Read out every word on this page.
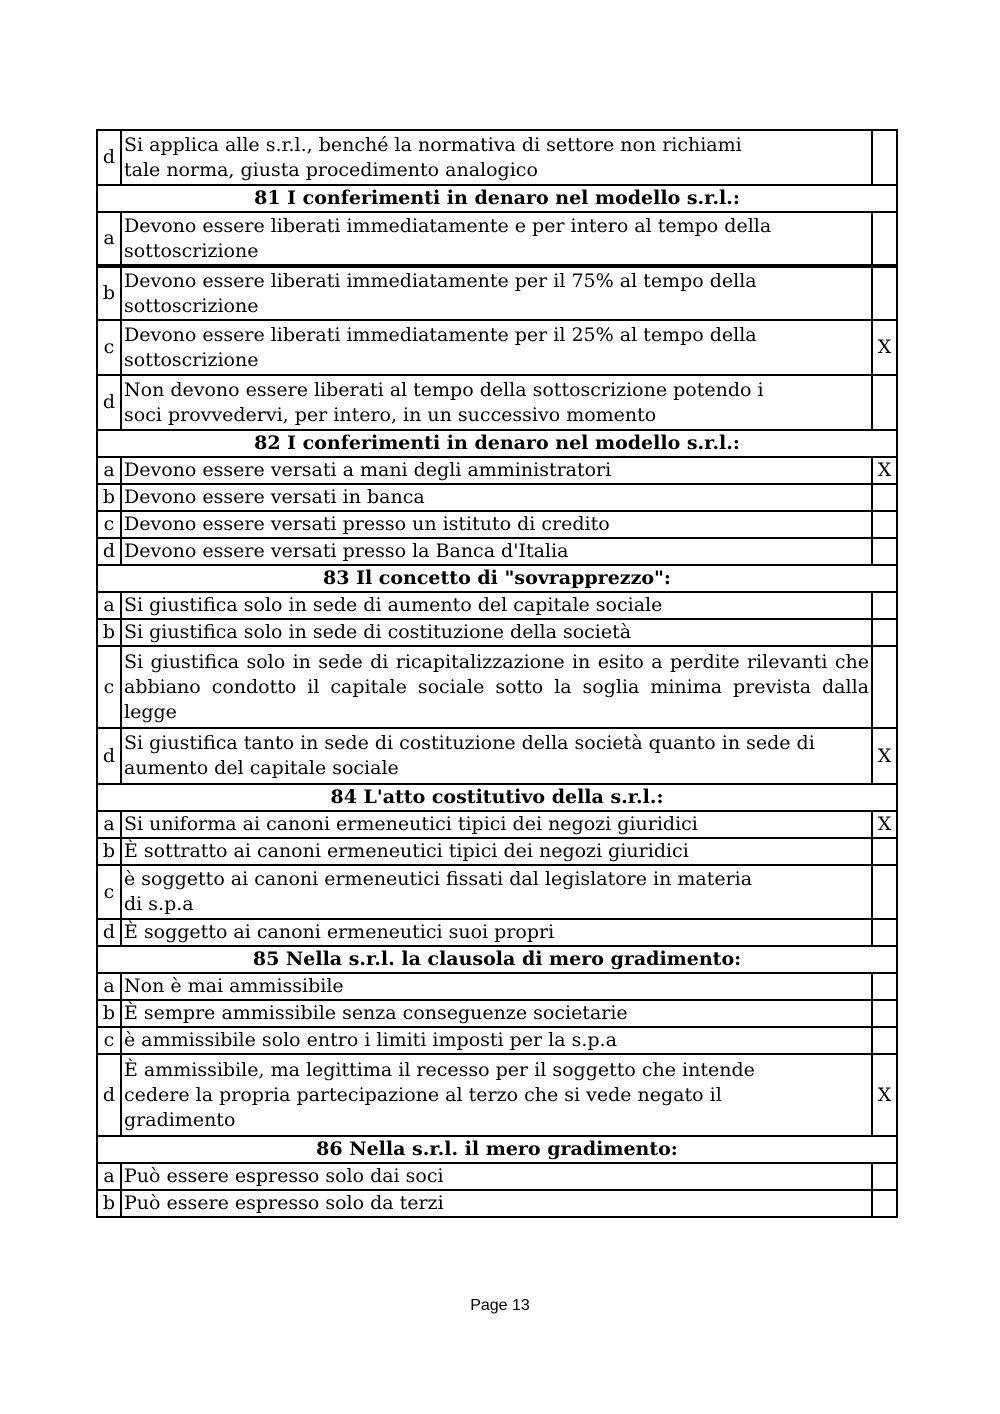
d	Si applica alle s.r.l., benché la normativa di settore non richiami tale norma, giusta procedimento analogico	

81 I conferimenti in denaro nel modello s.r.l.:		
a	Devono essere liberati immediatamente e per intero al tempo della sottoscrizione	
b	Devono essere liberati immediatamente per il 75% al tempo della sottoscrizione	

c	Devono essere liberati immediatamente per il 25% al tempo della sottoscrizione	X
d	Non devono essere liberati al tempo della sottoscrizione potendo i soci provvedervi, per intero, in un successivo momento	

82 I conferimenti in denaro nel modello s.r.l.:		
a	Devono essere versati a mani degli amministratori	X
b	Devono essere versati in banca	
c	Devono essere versati presso un istituto di credito	
d	Devono essere versati presso la Banca d'Italia	
83 Il concetto di "sovrapprezzo":		
a	Si giustifica solo in sede di aumento del capitale sociale	
b	Si giustifica solo in sede di costituzione della società	
c	Si giustifica solo in sede di ricapitalizzazione in esito a perdite rilevanti che abbiano condotto il capitale sociale sotto la soglia minima prevista dalla legge	
d	Si giustifica tanto in sede di costituzione della società quanto in sede di aumento del capitale sociale	X
84 L'atto costitutivo della s.r.l.:		
a	Si uniforma ai canoni ermeneutici tipici dei negozi giuridici	X
b	È sottratto ai canoni ermeneutici tipici dei negozi giuridici	
c	è soggetto ai canoni ermeneutici fissati dal legislatore in materia di s.p.a	

d	È soggetto ai canoni ermeneutici suoi propri	
85 Nella s.r.l. la clausola di mero gradimento:		
a	Non è mai ammissibile	
b	È sempre ammissibile senza conseguenze societarie	
c	è ammissibile solo entro i limiti imposti per la s.p.a	
d	È ammissibile, ma legittima il recesso per il soggetto che intende cedere la propria partecipazione al terzo che si vede negato il gradimento	X
86 Nella s.r.l. il mero gradimento:		
a	Può essere espresso solo dai soci	
b	Può essere espresso solo da terzi	
Page 13
